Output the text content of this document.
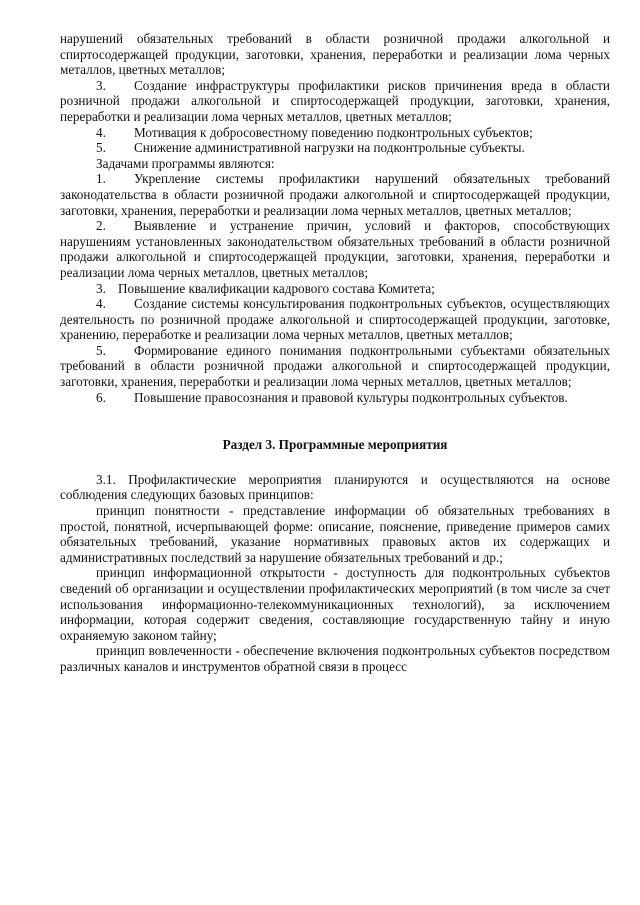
нарушений обязательных требований в области розничной продажи алкогольной и спиртосодержащей продукции, заготовки, хранения, переработки и реализации лома черных металлов, цветных металлов;

3. Создание инфраструктуры профилактики рисков причинения вреда в области розничной продажи алкогольной и спиртосодержащей продукции, заготовки, хранения, переработки и реализации лома черных металлов, цветных металлов;

4. Мотивация к добросовестному поведению подконтрольных субъектов;

5. Снижение административной нагрузки на подконтрольные субъекты.

Задачами программы являются:

1. Укрепление системы профилактики нарушений обязательных требований законодательства в области розничной продажи алкогольной и спиртосодержащей продукции, заготовки, хранения, переработки и реализации лома черных металлов, цветных металлов;

2. Выявление и устранение причин, условий и факторов, способствующих нарушениям установленных законодательством обязательных требований в области розничной продажи алкогольной и спиртосодержащей продукции, заготовки, хранения, переработки и реализации лома черных металлов, цветных металлов;

3. Повышение квалификации кадрового состава Комитета;

4. Создание системы консультирования подконтрольных субъектов, осуществляющих деятельность по розничной продаже алкогольной и спиртосодержащей продукции, заготовке, хранению, переработке и реализации лома черных металлов, цветных металлов;

5. Формирование единого понимания подконтрольными субъектами обязательных требований в области розничной продажи алкогольной и спиртосодержащей продукции, заготовки, хранения, переработки и реализации лома черных металлов, цветных металлов;

6. Повышение правосознания и правовой культуры подконтрольных субъектов.

Раздел 3. Программные мероприятия

3.1. Профилактические мероприятия планируются и осуществляются на основе соблюдения следующих базовых принципов:

принцип понятности - представление информации об обязательных требованиях в простой, понятной, исчерпывающей форме: описание, пояснение, приведение примеров самих обязательных требований, указание нормативных правовых актов их содержащих и административных последствий за нарушение обязательных требований и др.;

принцип информационной открытости - доступность для подконтрольных субъектов сведений об организации и осуществлении профилактических мероприятий (в том числе за счет использования информационно-телекоммуникационных технологий), за исключением информации, которая содержит сведения, составляющие государственную тайну и иную охраняемую законом тайну;

принцип вовлеченности - обеспечение включения подконтрольных субъектов посредством различных каналов и инструментов обратной связи в процесс
